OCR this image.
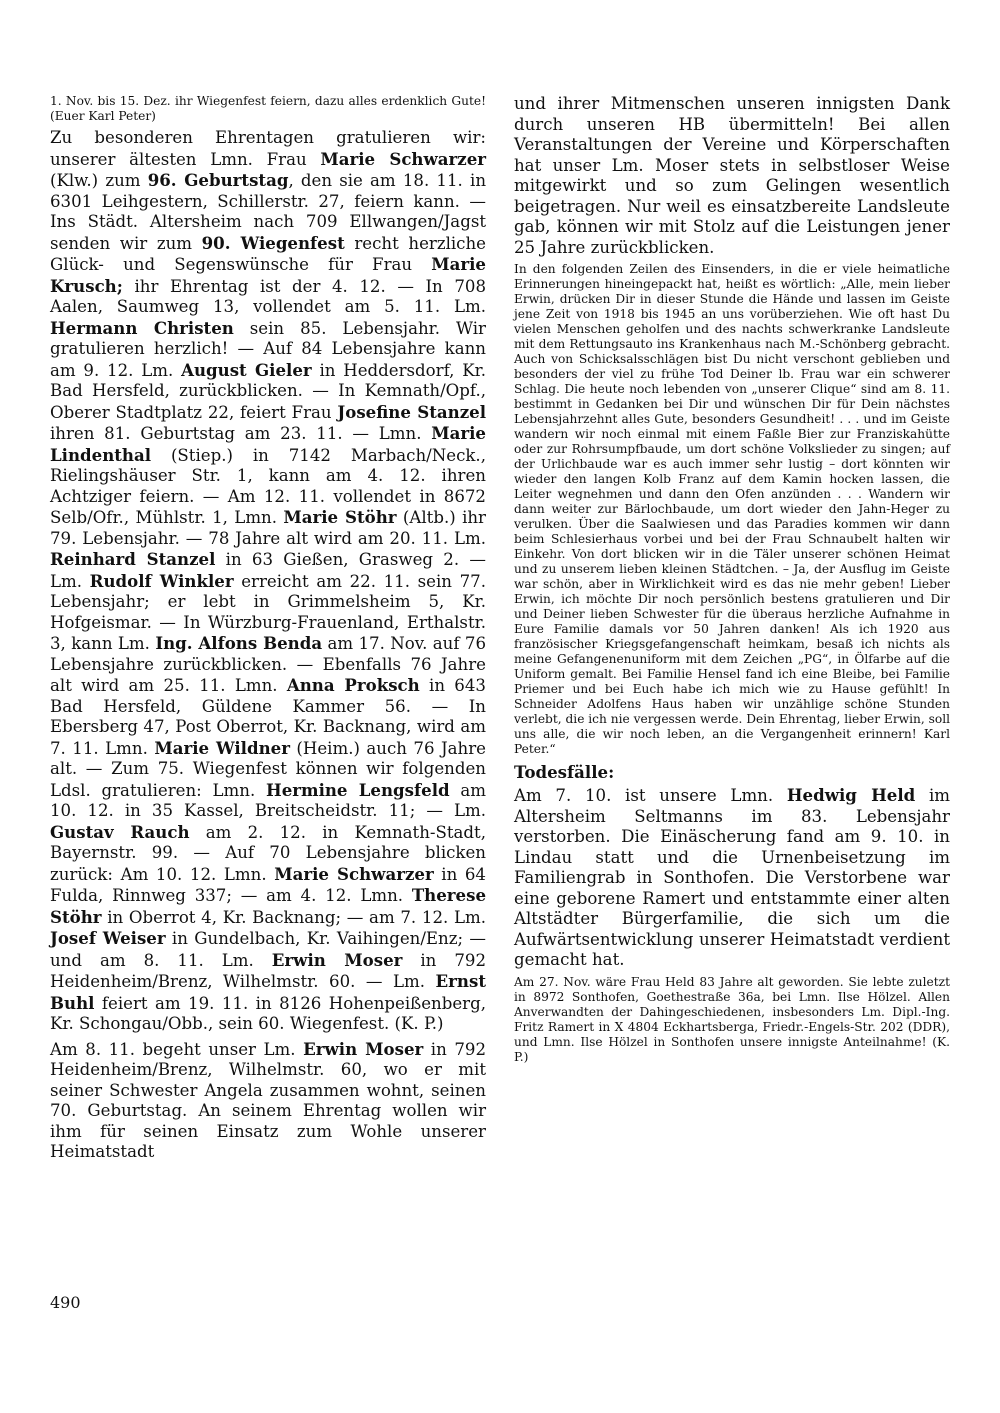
1. Nov. bis 15. Dez. ihr Wiegenfest feiern, dazu alles erdenklich Gute! (Euer Karl Peter)

Zu besonderen Ehrentagen gratulieren wir: unserer ältesten Lmn. Frau Marie Schwarzer (Klw.) zum 96. Geburtstag, den sie am 18. 11. in 6301 Leihgestern, Schillerstr. 27, feiern kann. — Ins Städt. Altersheim nach 709 Ellwangen/Jagst senden wir zum 90. Wiegenfest recht herzliche Glück- und Segenswünsche für Frau Marie Krusch; ihr Ehrentag ist der 4. 12. — In 708 Aalen, Saumweg 13, vollendet am 5. 11. Lm. Hermann Christen sein 85. Lebensjahr. Wir gratulieren herzlich! — Auf 84 Lebensjahre kann am 9. 12. Lm. August Gieler in Heddersdorf, Kr. Bad Hersfeld, zurückblicken. — In Kemnath/Opf., Oberer Stadtplatz 22, feiert Frau Josefine Stanzel ihren 81. Geburtstag am 23. 11. — Lmn. Marie Lindenthal (Stiep.) in 7142 Marbach/Neck., Rielingshäuser Str. 1, kann am 4. 12. ihren Achtziger feiern. — Am 12. 11. vollendet in 8672 Selb/Ofr., Mühlstr. 1, Lmn. Marie Stöhr (Altb.) ihr 79. Lebensjahr. — 78 Jahre alt wird am 20. 11. Lm. Reinhard Stanzel in 63 Gießen, Grasweg 2. — Lm. Rudolf Winkler erreicht am 22. 11. sein 77. Lebensjahr; er lebt in Grimmelsheim 5, Kr. Hofgeismar. — In Würzburg-Frauenland, Erthalstr. 3, kann Lm. Ing. Alfons Benda am 17. Nov. auf 76 Lebensjahre zurückblicken. — Ebenfalls 76 Jahre alt wird am 25. 11. Lmn. Anna Proksch in 643 Bad Hersfeld, Güldene Kammer 56. — In Ebersberg 47, Post Oberrot, Kr. Backnang, wird am 7. 11. Lmn. Marie Wildner (Heim.) auch 76 Jahre alt. — Zum 75. Wiegenfest können wir folgenden Ldsl. gratulieren: Lmn. Hermine Lengsfeld am 10. 12. in 35 Kassel, Breitscheidstr. 11; — Lm. Gustav Rauch am 2. 12. in Kemnath-Stadt, Bayernstr. 99. — Auf 70 Lebensjahre blicken zurück: Am 10. 12. Lmn. Marie Schwarzer in 64 Fulda, Rinnweg 337; — am 4. 12. Lmn. Therese Stöhr in Oberrot 4, Kr. Backnang; — am 7. 12. Lm. Josef Weiser in Gundelbach, Kr. Vaihingen/Enz; — und am 8. 11. Lm. Erwin Moser in 792 Heidenheim/Brenz, Wilhelmstr. 60. — Lm. Ernst Buhl feiert am 19. 11. in 8126 Hohenpeißenberg, Kr. Schongau/Obb., sein 60. Wiegenfest. (K. P.)

Am 8. 11. begeht unser Lm. Erwin Moser in 792 Heidenheim/Brenz, Wilhelmstr. 60, wo er mit seiner Schwester Angela zusammen wohnt, seinen 70. Geburtstag. An seinem Ehrentag wollen wir ihm für seinen Einsatz zum Wohle unserer Heimatstadt

und ihrer Mitmenschen unseren innigsten Dank durch unseren HB übermitteln! Bei allen Veranstaltungen der Vereine und Körperschaften hat unser Lm. Moser stets in selbstloser Weise mitgewirkt und so zum Gelingen wesentlich beigetragen. Nur weil es einsatzbereite Landsleute gab, können wir mit Stolz auf die Leistungen jener 25 Jahre zurückblicken.

In den folgenden Zeilen des Einsenders, in die er viele heimatliche Erinnerungen hineingepackt hat, heißt es wörtlich: „Alle, mein lieber Erwin, drücken Dir in dieser Stunde die Hände und lassen im Geiste jene Zeit von 1918 bis 1945 an uns vorüberziehen. Wie oft hast Du vielen Menschen geholfen und des nachts schwerkranke Landsleute mit dem Rettungsauto ins Krankenhaus nach M.-Schönberg gebracht. Auch von Schicksalsschlägen bist Du nicht verschont geblieben und besonders der viel zu frühe Tod Deiner lb. Frau war ein schwerer Schlag. Die heute noch lebenden von „unserer Clique“ sind am 8. 11. bestimmt in Gedanken bei Dir und wünschen Dir für Dein nächstes Lebensjahrzehnt alles Gute, besonders Gesundheit! . . . und im Geiste wandern wir noch einmal mit einem Faßle Bier zur Franziskahütte oder zur Rohrsumpfbaude, um dort schöne Volkslieder zu singen; auf der Urlichbaude war es auch immer sehr lustig – dort könnten wir wieder den langen Kolb Franz auf dem Kamin hocken lassen, die Leiter wegnehmen und dann den Ofen anzünden . . . Wandern wir dann weiter zur Bärlochbaude, um dort wieder den Jahn-Heger zu verulken. Über die Saalwiesen und das Paradies kommen wir dann beim Schlesierhaus vorbei und bei der Frau Schnaubelt halten wir Einkehr. Von dort blicken wir in die Täler unserer schönen Heimat und zu unserem lieben kleinen Städtchen. – Ja, der Ausflug im Geiste war schön, aber in Wirklichkeit wird es das nie mehr geben! Lieber Erwin, ich möchte Dir noch persönlich bestens gratulieren und Dir und Deiner lieben Schwester für die überaus herzliche Aufnahme in Eure Familie damals vor 50 Jahren danken! Als ich 1920 aus französischer Kriegsgefangenschaft heimkam, besaß ich nichts als meine Gefangenenuniform mit dem Zeichen „PG“, in Ölfarbe auf die Uniform gemalt. Bei Familie Hensel fand ich eine Bleibe, bei Familie Priemer und bei Euch habe ich mich wie zu Hause gefühlt! In Schneider Adolfens Haus haben wir unzählige schöne Stunden verlebt, die ich nie vergessen werde. Dein Ehrentag, lieber Erwin, soll uns alle, die wir noch leben, an die Vergangenheit erinnern! Karl Peter.“

Todesfälle:

Am 7. 10. ist unsere Lmn. Hedwig Held im Altersheim Seltmanns im 83. Lebensjahr verstorben. Die Einäscherung fand am 9. 10. in Lindau statt und die Urnenbeisetzung im Familiengrab in Sonthofen. Die Verstorbene war eine geborene Ramert und entstammte einer alten Altstädter Bürgerfamilie, die sich um die Aufwärtsentwicklung unserer Heimatstadt verdient gemacht hat.

Am 27. Nov. wäre Frau Held 83 Jahre alt geworden. Sie lebte zuletzt in 8972 Sonthofen, Goethestraße 36a, bei Lmn. Ilse Hölzel. Allen Anverwandten der Dahingeschiedenen, insbesonders Lm. Dipl.-Ing. Fritz Ramert in X 4804 Eckhartsberga, Friedr.-Engels-Str. 202 (DDR), und Lmn. Ilse Hölzel in Sonthofen unsere innigste Anteilnahme! (K. P.)

490
